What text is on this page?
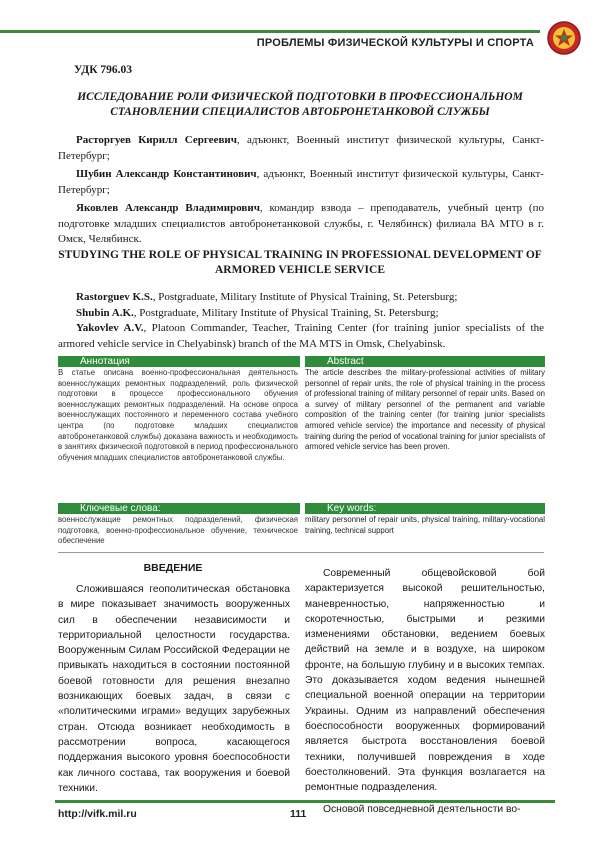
ПРОБЛЕМЫ ФИЗИЧЕСКОЙ КУЛЬТУРЫ И СПОРТА
УДК 796.03
ИССЛЕДОВАНИЕ РОЛИ ФИЗИЧЕСКОЙ ПОДГОТОВКИ В ПРОФЕССИОНАЛЬНОМ СТАНОВЛЕНИИ СПЕЦИАЛИСТОВ АВТОБРОНЕТАНКОВОЙ СЛУЖБЫ

Расторгуев Кирилл Сергеевич, адъюнкт, Военный институт физической культуры, Санкт-Петербург;

Шубин Александр Константинович, адъюнкт, Военный институт физической культуры, Санкт-Петербург;

Яковлев Александр Владимирович, командир взвода – преподаватель, учебный центр (по подготовке младших специалистов автобронетанковой службы, г. Челябинск) филиала ВА МТО в г. Омск, Челябинск.

STUDYING THE ROLE OF PHYSICAL TRAINING IN PROFESSIONAL DEVELOPMENT OF ARMORED VEHICLE SERVICE

Rastorguev K.S., Postgraduate, Military Institute of Physical Training, St. Petersburg;

Shubin A.K., Postgraduate, Military Institute of Physical Training, St. Petersburg;

Yakovlev A.V., Platoon Commander, Teacher, Training Center (for training junior specialists of the armored vehicle service in Chelyabinsk) branch of the MA MTS in Omsk, Chelyabinsk.

Аннотация
В статье описана военно-профессиональная деятельность военнослужащих ремонтных подразделений, роль физической подготовки в процессе профессионального обучения военнослужащих ремонтных подразделений. На основе опроса военнослужащих постоянного и переменного состава учебного центра (по подготовке младших специалистов автобронетанковой службы) доказана важность и необходимость в занятиях физической подготовкой в период профессионального обучения младших специалистов автобронетанковой службы.
Abstract
The article describes the military-professional activities of military personnel of repair units, the role of physical training in the process of professional training of military personnel of repair units. Based on a survey of military personnel of the permanent and variable composition of the training center (for training junior specialists armored vehicle service) the importance and necessity of physical training during the period of vocational training for junior specialists of armored vehicle service has been proven.
Ключевые слова:
военнослужащие ремонтных подразделений, физическая подготовка, военно-профессиональное обучение, техническое обеспечение
Key words:
military personnel of repair units, physical training, military-vocational training, technical support
ВВЕДЕНИЕ

Сложившаяся геополитическая обстановка в мире показывает значимость вооруженных сил в обеспечении независимости и территориальной целостности государства. Вооруженным Силам Российской Федерации не привыкать находиться в состоянии постоянной боевой готовности для решения внезапно возникающих боевых задач, в связи с «политическими играми» ведущих зарубежных стран. Отсюда возникает необходимость в рассмотрении вопроса, касающегося поддержания высокого уровня боеспособности как личного состава, так вооружения и боевой техники.

Современный общевойсковой бой характеризуется высокой решительностью, маневренностью, напряженностью и скоротечностью, быстрыми и резкими изменениями обстановки, ведением боевых действий на земле и в воздухе, на широком фронте, на большую глубину и в высоких темпах. Это доказывается ходом ведения нынешней специальной военной операции на территории Украины. Одним из направлений обеспечения боеспособности вооруженных формирований является быстрота восстановления боевой техники, получившей повреждения в ходе боестолкновений. Эта функция возлагается на ремонтные подразделения.

Основой повседневной деятельности во-

http://vifk.mil.ru	111
